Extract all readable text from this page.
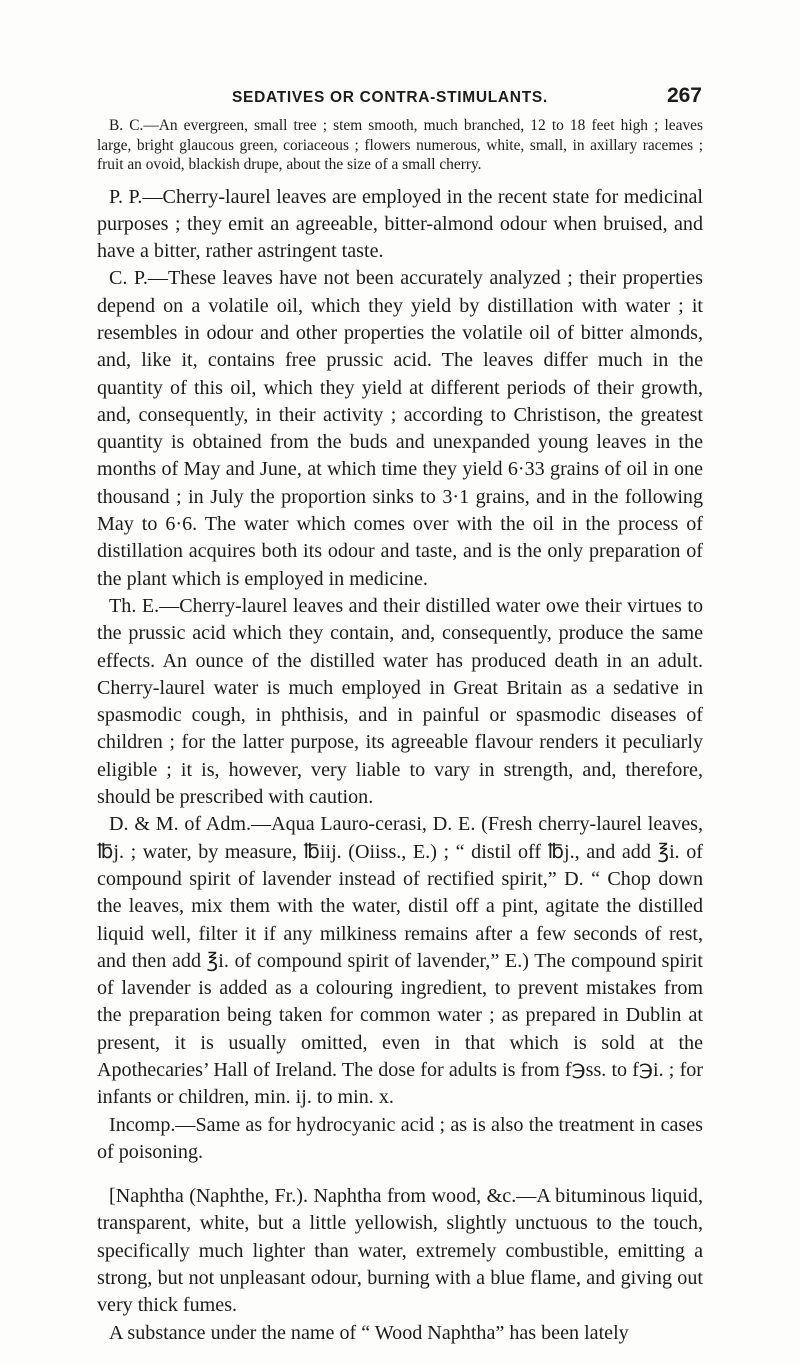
SEDATIVES OR CONTRA-STIMULANTS.	267

B. C.—An evergreen, small tree ; stem smooth, much branched, 12 to 18 feet high ; leaves large, bright glaucous green, coriaceous ; flowers numerous, white, small, in axillary racemes ; fruit an ovoid, blackish drupe, about the size of a small cherry.

P. P.—Cherry-laurel leaves are employed in the recent state for medicinal purposes ; they emit an agreeable, bitter-almond odour when bruised, and have a bitter, rather astringent taste.

C. P.—These leaves have not been accurately analyzed ; their properties depend on a volatile oil, which they yield by distillation with water ; it resembles in odour and other properties the volatile oil of bitter almonds, and, like it, contains free prussic acid. The leaves differ much in the quantity of this oil, which they yield at different periods of their growth, and, consequently, in their activity ; according to Christison, the greatest quantity is obtained from the buds and unexpanded young leaves in the months of May and June, at which time they yield 6·33 grains of oil in one thousand ; in July the proportion sinks to 3·1 grains, and in the following May to 6·6. The water which comes over with the oil in the process of distillation acquires both its odour and taste, and is the only preparation of the plant which is employed in medicine.

Th. E.—Cherry-laurel leaves and their distilled water owe their virtues to the prussic acid which they contain, and, consequently, produce the same effects. An ounce of the distilled water has produced death in an adult. Cherry-laurel water is much employed in Great Britain as a sedative in spasmodic cough, in phthisis, and in painful or spasmodic diseases of children ; for the latter purpose, its agreeable flavour renders it peculiarly eligible ; it is, however, very liable to vary in strength, and, therefore, should be prescribed with caution.

D. & M. of Adm.—Aqua Lauro-cerasi, D. E. (Fresh cherry-laurel leaves, ℔j. ; water, by measure, ℔iij. (Oiiss., E.) ; “ distil off ℔j., and add ℥i. of compound spirit of lavender instead of rectified spirit,” D. “ Chop down the leaves, mix them with the water, distil off a pint, agitate the distilled liquid well, filter it if any milkiness remains after a few seconds of rest, and then add ℥i. of compound spirit of lavender,” E.) The compound spirit of lavender is added as a colouring ingredient, to prevent mistakes from the preparation being taken for common water ; as prepared in Dublin at present, it is usually omitted, even in that which is sold at the Apothecaries’ Hall of Ireland. The dose for adults is from f℈ss. to f℈i. ; for infants or children, min. ij. to min. x.

Incomp.—Same as for hydrocyanic acid ; as is also the treatment in cases of poisoning.

[Naphtha (Naphthe, Fr.). Naphtha from wood, &c.—A bituminous liquid, transparent, white, but a little yellowish, slightly unctuous to the touch, specifically much lighter than water, extremely combustible, emitting a strong, but not unpleasant odour, burning with a blue flame, and giving out very thick fumes.

A substance under the name of “ Wood Naphtha” has been lately
